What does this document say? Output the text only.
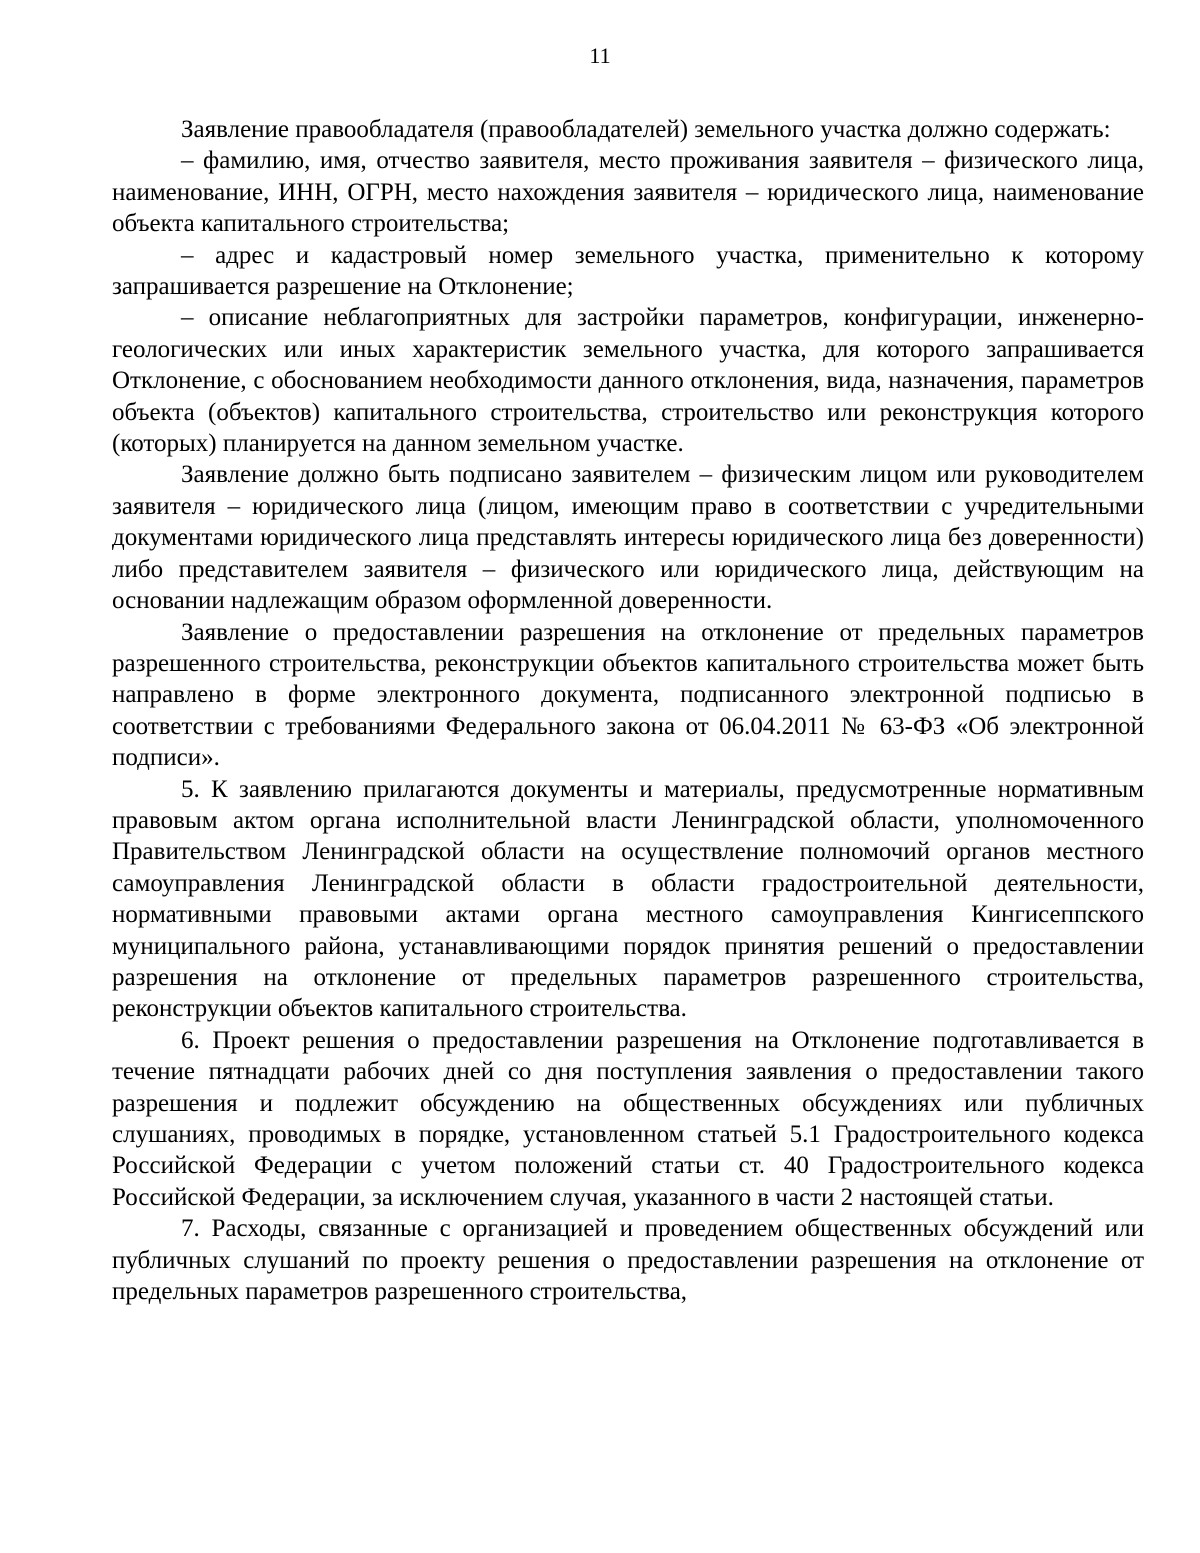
11

Заявление правообладателя (правообладателей) земельного участка должно содержать:

– фамилию, имя, отчество заявителя, место проживания заявителя – физического лица, наименование, ИНН, ОГРН, место нахождения заявителя – юридического лица, наименование объекта капитального строительства;

– адрес и кадастровый номер земельного участка, применительно к которому запрашивается разрешение на Отклонение;

– описание неблагоприятных для застройки параметров, конфигурации, инженерно-геологических или иных характеристик земельного участка, для которого запрашивается Отклонение, с обоснованием необходимости данного отклонения, вида, назначения, параметров объекта (объектов) капитального строительства, строительство или реконструкция которого (которых) планируется на данном земельном участке.

Заявление должно быть подписано заявителем – физическим лицом или руководителем заявителя – юридического лица (лицом, имеющим право в соответствии с учредительными документами юридического лица представлять интересы юридического лица без доверенности) либо представителем заявителя – физического или юридического лица, действующим на основании надлежащим образом оформленной доверенности.

Заявление о предоставлении разрешения на отклонение от предельных параметров разрешенного строительства, реконструкции объектов капитального строительства может быть направлено в форме электронного документа, подписанного электронной подписью в соответствии с требованиями Федерального закона от 06.04.2011 № 63-ФЗ «Об электронной подписи».

5. К заявлению прилагаются документы и материалы, предусмотренные нормативным правовым актом органа исполнительной власти Ленинградской области, уполномоченного Правительством Ленинградской области на осуществление полномочий органов местного самоуправления Ленинградской области в области градостроительной деятельности, нормативными правовыми актами органа местного самоуправления Кингисеппского муниципального района, устанавливающими порядок принятия решений о предоставлении разрешения на отклонение от предельных параметров разрешенного строительства, реконструкции объектов капитального строительства.

6. Проект решения о предоставлении разрешения на Отклонение подготавливается в течение пятнадцати рабочих дней со дня поступления заявления о предоставлении такого разрешения и подлежит обсуждению на общественных обсуждениях или публичных слушаниях, проводимых в порядке, установленном статьей 5.1 Градостроительного кодекса Российской Федерации с учетом положений статьи ст. 40 Градостроительного кодекса Российской Федерации, за исключением случая, указанного в части 2 настоящей статьи.

7. Расходы, связанные с организацией и проведением общественных обсуждений или публичных слушаний по проекту решения о предоставлении разрешения на отклонение от предельных параметров разрешенного строительства,
